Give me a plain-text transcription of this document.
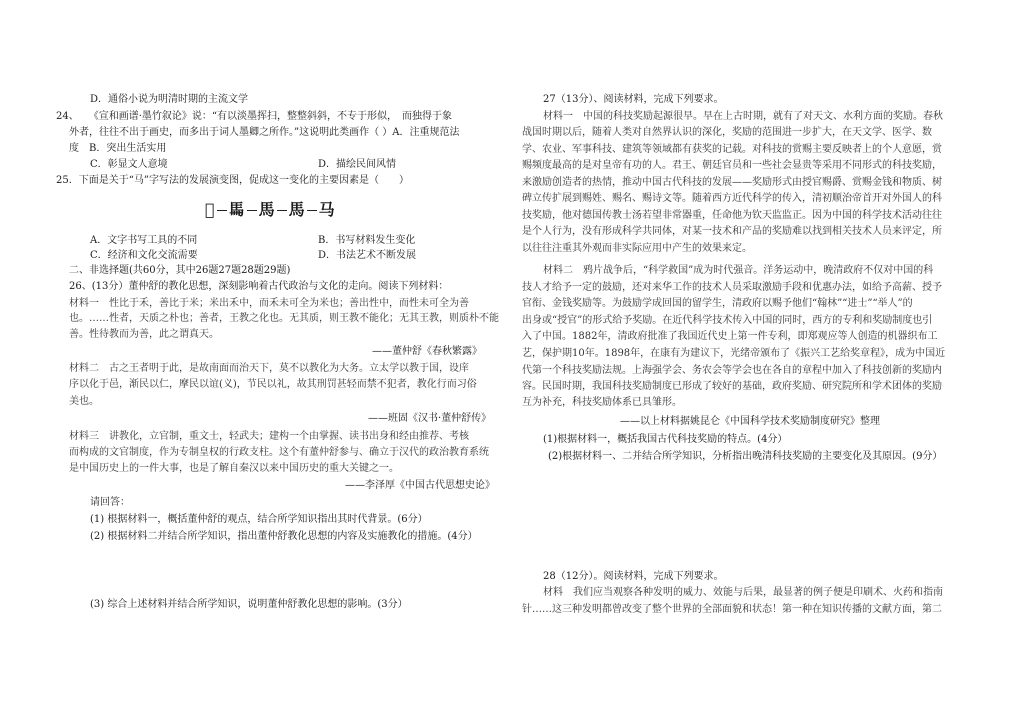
D．通俗小说为明清时期的主流文学
24、　　《宣和画谱·墨竹叙论》说：“有以淡墨挥扫，整整斜斜，不专于形似，　而独得于象
外者，往往不出于画史，而多出于词人墨卿之所作。”这说明此类画作（ ）A．注重规范法
度　B．突出生活实用
C．彰显文人意境	D．描绘民间风情
25．下面是关于“马”字写法的发展演变图，促成这一变化的主要因素是（　　）
𢍊 𩡧 馬 馬 马
A．文字书写工具的不同	B．书写材料发生变化
C．经济和文化交流需要	D．书法艺术不断发展
二、非选择题(共60分，其中26题27题28题29题)
26、(13分）董仲舒的教化思想，深刻影响着古代政治与文化的走向。阅读下列材料：
材料一　性比于禾，善比于米；米出禾中，而禾未可全为米也；善出性中，而性未可全为善
也。……性者，天质之朴也；善者，王教之化也。无其质，则王教不能化；无其王教，则质朴不能
善。性待教而为善，此之谓真天。
——董仲舒《春秋繁露》
材料二　古之王者明于此，是故南面而治天下，莫不以教化为大务。立太学以教于国，设庠
序以化于邑，渐民以仁，摩民以谊(义)，节民以礼，故其刑罚甚轻而禁不犯者，教化行而习俗
美也。
——班固《汉书·董仲舒传》
材料三　讲教化，立官制，重文士，轻武夫；建构一个由掌握、读书出身和经由推荐、考核
而构成的文官制度，作为专制皇权的行政支柱。这个有董仲舒参与、确立于汉代的政治教育系统
是中国历史上的一件大事，也是了解自秦汉以来中国历史的重大关键之一。
——李泽厚《中国古代思想史论》
请回答：
(1) 根据材料一，概括董仲舒的观点，结合所学知识指出其时代背景。(6分）
(2) 根据材料二并结合所学知识，指出董仲舒教化思想的内容及实施教化的措施。(4分）
(3) 综合上述材料并结合所学知识，说明董仲舒教化思想的影响。(3分）
27（13分）、阅读材料，完成下列要求。
材料一　中国的科技奖励起源很早。早在上古时期，就有了对天文、水利方面的奖励。春秋
战国时期以后，随着人类对自然界认识的深化，奖励的范围进一步扩大，在天文学、医学、数
学、农业、军事科技、建筑等领域都有获奖的记载。对科技的赏赐主要反映者上的个人意愿，赏
赐频度最高的是对皇帝有功的人。君王、朝廷官员和一些社会显贵等采用不同形式的科技奖励，
来激励创造者的热情，推动中国古代科技的发展——奖励形式由授官赐爵、赏赐金钱和物质、树
碑立传扩展到赐姓、赐名、赐诗文等。随着西方近代科学的传入，清初顺治帝首开对外国人的科
技奖励，他对德国传教士汤若望非常器重，任命他为钦天监监正。因为中国的科学技术活动往往
是个人行为，没有形成科学共同体，对某一技术和产品的奖励难以找到相关技术人员来评定，所
以往往注重其外观而非实际应用中产生的效果来定。
材料二　鸦片战争后，“科学救国”成为时代强音。洋务运动中，晚清政府不仅对中国的科
技人才给予一定的鼓励，还对来华工作的技术人员采取激励手段和优惠办法，如给予高薪、授予
官衔、金钱奖励等。为鼓励学成回国的留学生，清政府以赐予他们“翰林”“进士”“举人”的
出身或“授官”的形式给予奖励。在近代科学技术传入中国的同时，西方的专利和奖励制度也引
入了中国。1882年，清政府批准了我国近代史上第一件专利，即郑观应等人创造的机器织布工
艺，保护期10年。1898年，在康有为建议下，光绪帝颁布了《振兴工艺给奖章程》，成为中国近
代第一个科技奖励法规。上海强学会、务农会等学会也在各自的章程中加入了科技创新的奖励内
容。民国时期，我国科技奖励制度已形成了较好的基础，政府奖励、研究院所和学术团体的奖励
互为补充，科技奖励体系已具雏形。
——以上材料据姚昆仑《中国科学技术奖励制度研究》整理
(1)根据材料一，概括我国古代科技奖励的特点。(4分）
(2)根据材料一、二并结合所学知识，分析指出晚清科技奖励的主要变化及其原因。(9分）
28（12分）。阅读材料，完成下列要求。
材料　我们应当观察各种发明的威力、效能与后果，最显著的例子便是印刷术、火药和指南
针……这三种发明都曾改变了整个世界的全部面貌和状态！第一种在知识传播的文献方面，第二
